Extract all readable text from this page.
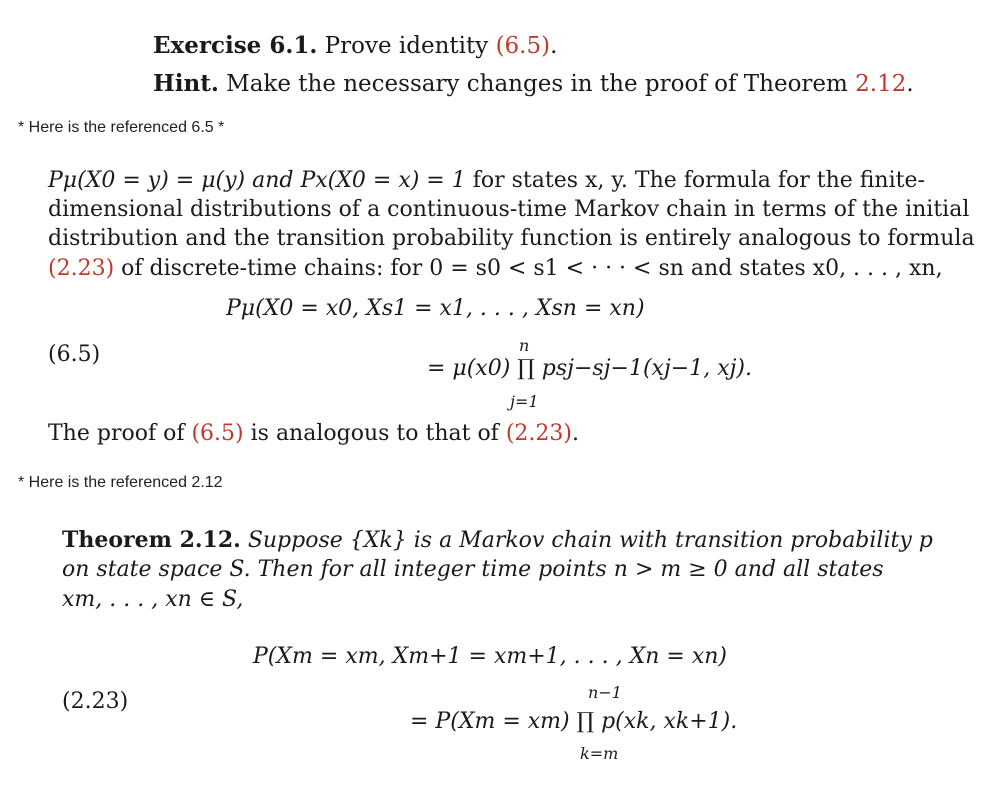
Exercise 6.1. Prove identity (6.5).
Hint. Make the necessary changes in the proof of Theorem 2.12.
* Here is the referenced 6.5 *
Pμ(X0 = y) = μ(y) and Px(X0 = x) = 1 for states x, y. The formula for the finite-
dimensional distributions of a continuous-time Markov chain in terms of the initial
distribution and the transition probability function is entirely analogous to formula
(2.23) of discrete-time chains: for 0 = s0 < s1 < · · · < sn and states x0, . . . , xn,
Pμ(X0 = x0, Xs1 = x1, . . . , Xsn = xn)
(6.5)	n
= μ(x0) ∏ psj−sj−1(xj−1, xj).
j=1
The proof of (6.5) is analogous to that of (2.23).
* Here is the referenced 2.12
Theorem 2.12. Suppose {Xk} is a Markov chain with transition probability p
on state space S. Then for all integer time points n > m ≥ 0 and all states
xm, . . . , xn ∈ S,
P(Xm = xm, Xm+1 = xm+1, . . . , Xn = xn)
n−1
(2.23)
= P(Xm = xm) ∏ p(xk, xk+1).
k=m
